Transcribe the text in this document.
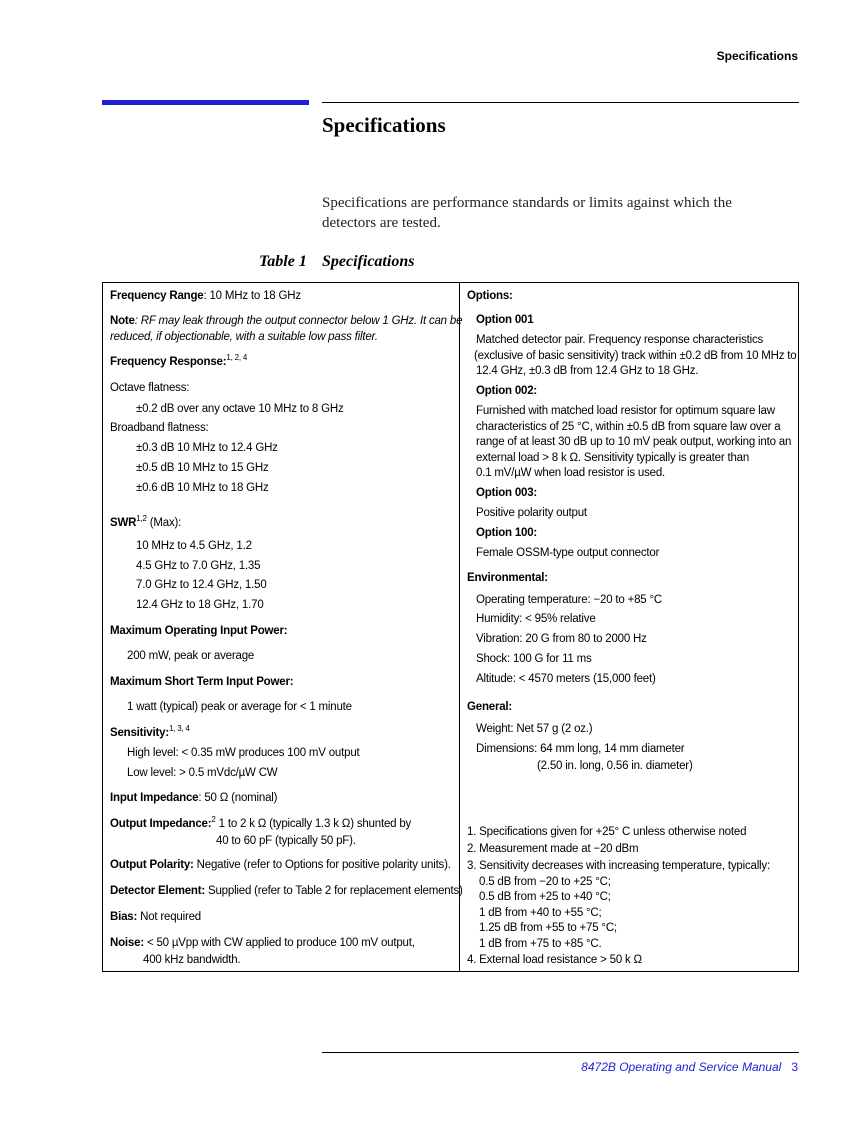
Specifications
Specifications
Specifications are performance standards or limits against which the detectors are tested.
Table 1 Specifications
Frequency Range: 10 MHz to 18 GHz
Note: RF may leak through the output connector below 1 GHz. It can be
reduced, if objectionable, with a suitable low pass filter.
Frequency Response:$^{1, 2, 4}$
Octave flatness:
±0.2 dB over any octave 10 MHz to 8 GHz
Broadband flatness:
±0.3 dB 10 MHz to 12.4 GHz
±0.5 dB 10 MHz to 15 GHz
±0.6 dB 10 MHz to 18 GHz
SWR$^{1,2}$ (Max):
10 MHz to 4.5 GHz, 1.2
4.5 GHz to 7.0 GHz, 1.35
7.0 GHz to 12.4 GHz, 1.50
12.4 GHz to 18 GHz, 1.70
Maximum Operating Input Power:
200 mW, peak or average
Maximum Short Term Input Power:
1 watt (typical) peak or average for < 1 minute
Sensitivity:$^{1, 3, 4}$
High level: < 0.35 mW produces 100 mV output
Low level: > 0.5 mVdc/µW CW
Input Impedance: 50 Ω (nominal)
Output Impedance:$^2$ 1 to 2 k Ω (typically 1.3 k Ω) shunted by
40 to 60 pF (typically 50 pF).
Output Polarity: Negative (refer to Options for positive polarity units).
Detector Element: Supplied (refer to Table 2 for replacement elements)
Bias: Not required
Noise: < 50 µVpp with CW applied to produce 100 mV output,
400 kHz bandwidth.
Options:
Option 001
Matched detector pair. Frequency response characteristics
(exclusive of basic sensitivity) track within ±0.2 dB from 10 MHz to
12.4 GHz, ±0.3 dB from 12.4 GHz to 18 GHz.
Option 002:
Furnished with matched load resistor for optimum square law
characteristics of 25 °C, within ±0.5 dB from square law over a
range of at least 30 dB up to 10 mV peak output, working into an
external load > 8 k Ω. Sensitivity typically is greater than
0.1 mV/µW when load resistor is used.
Option 003:
Positive polarity output
Option 100:
Female OSSM-type output connector
Environmental:
Operating temperature: −20 to +85 °C
Humidity: < 95% relative
Vibration: 20 G from 80 to 2000 Hz
Shock: 100 G for 11 ms
Altitude: < 4570 meters (15,000 feet)
General:
Weight: Net 57 g (2 oz.)
Dimensions: 64 mm long, 14 mm diameter
(2.50 in. long, 0.56 in. diameter)
1. Specifications given for +25° C unless otherwise noted
2. Measurement made at −20 dBm
3. Sensitivity decreases with increasing temperature, typically:
0.5 dB from −20 to +25 °C;
0.5 dB from +25 to +40 °C;
1 dB from +40 to +55 °C;
1.25 dB from +55 to +75 °C;
1 dB from +75 to +85 °C.
4. External load resistance > 50 k Ω
8472B Operating and Service Manual 3
